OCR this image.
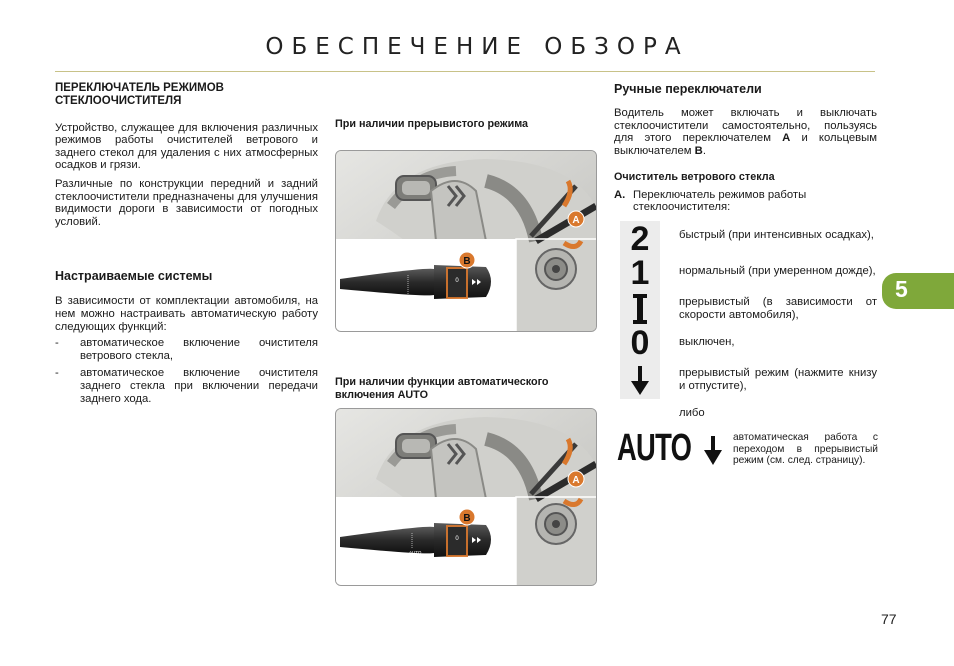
ОБЕСПЕЧЕНИЕ ОБЗОРА
ПЕРЕКЛЮЧАТЕЛЬ РЕЖИМОВ
СТЕКЛООЧИСТИТЕЛЯ

Устройство, служащее для включения различных режимов работы очистителей ветрового и заднего стекол для удаления с них атмосферных осадков и грязи.

Различные по конструкции передний и задний стеклоочистители предназначены для улучшения видимости дороги в зависимости от погодных условий.

Настраиваемые системы

В зависимости от комплектации автомобиля, на нем можно настраивать автоматическую работу следующих функций:

- автоматическое включение очистителя ветрового стекла,
- автоматическое включение очистителя заднего стекла при включении передачи заднего хода.
При наличии прерывистого режима
A
0
B
При наличии функции автоматического включения AUTO
A
0
B
AUTO
Ручные переключатели

Водитель может включать и выключать стеклоочистители самостоятельно, пользуясь для этого переключателем A и кольцевым выключателем B.

Очиститель ветрового стекла
A. Переключатель режимов работы стеклоочистителя:
2
1
0
быстрый (при интенсивных осадках),
нормальный (при умеренном дожде),
прерывистый (в зависимости от скорости автомобиля),
выключен,
прерывистый режим (нажмите книзу и отпустите),
либо
AUTO	автоматическая работа с переходом в прерывистый режим (см. след. страницу).
5
77
